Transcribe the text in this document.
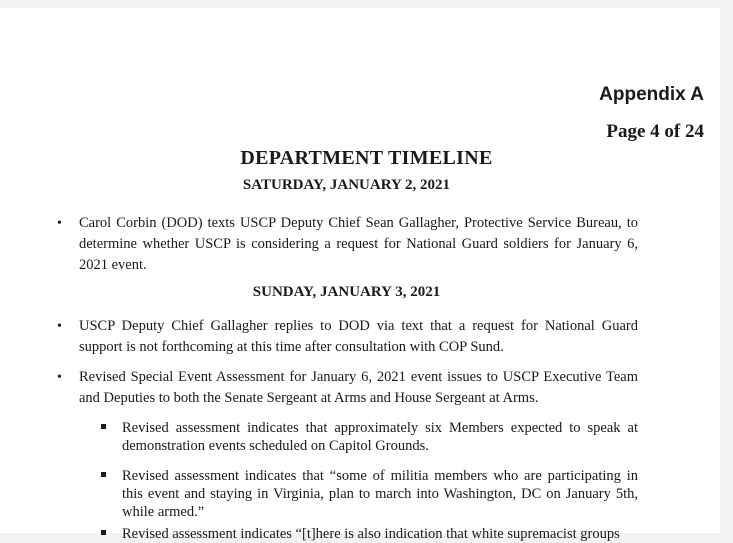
Appendix A
Page 4 of 24
DEPARTMENT TIMELINE
SATURDAY, JANUARY 2, 2021
• Carol Corbin (DOD) texts USCP Deputy Chief Sean Gallagher, Protective Service Bureau, to determine whether USCP is considering a request for National Guard soldiers for January 6, 2021 event.
SUNDAY, JANUARY 3, 2021
• USCP Deputy Chief Gallagher replies to DOD via text that a request for National Guard support is not forthcoming at this time after consultation with COP Sund.
• Revised Special Event Assessment for January 6, 2021 event issues to USCP Executive Team and Deputies to both the Senate Sergeant at Arms and House Sergeant at Arms.
Revised assessment indicates that approximately six Members expected to speak at demonstration events scheduled on Capitol Grounds.
Revised assessment indicates that “some of militia members who are participating in this event and staying in Virginia, plan to march into Washington, DC on January 5th, while armed.”
Revised assessment indicates “[t]here is also indication that white supremacist groups
